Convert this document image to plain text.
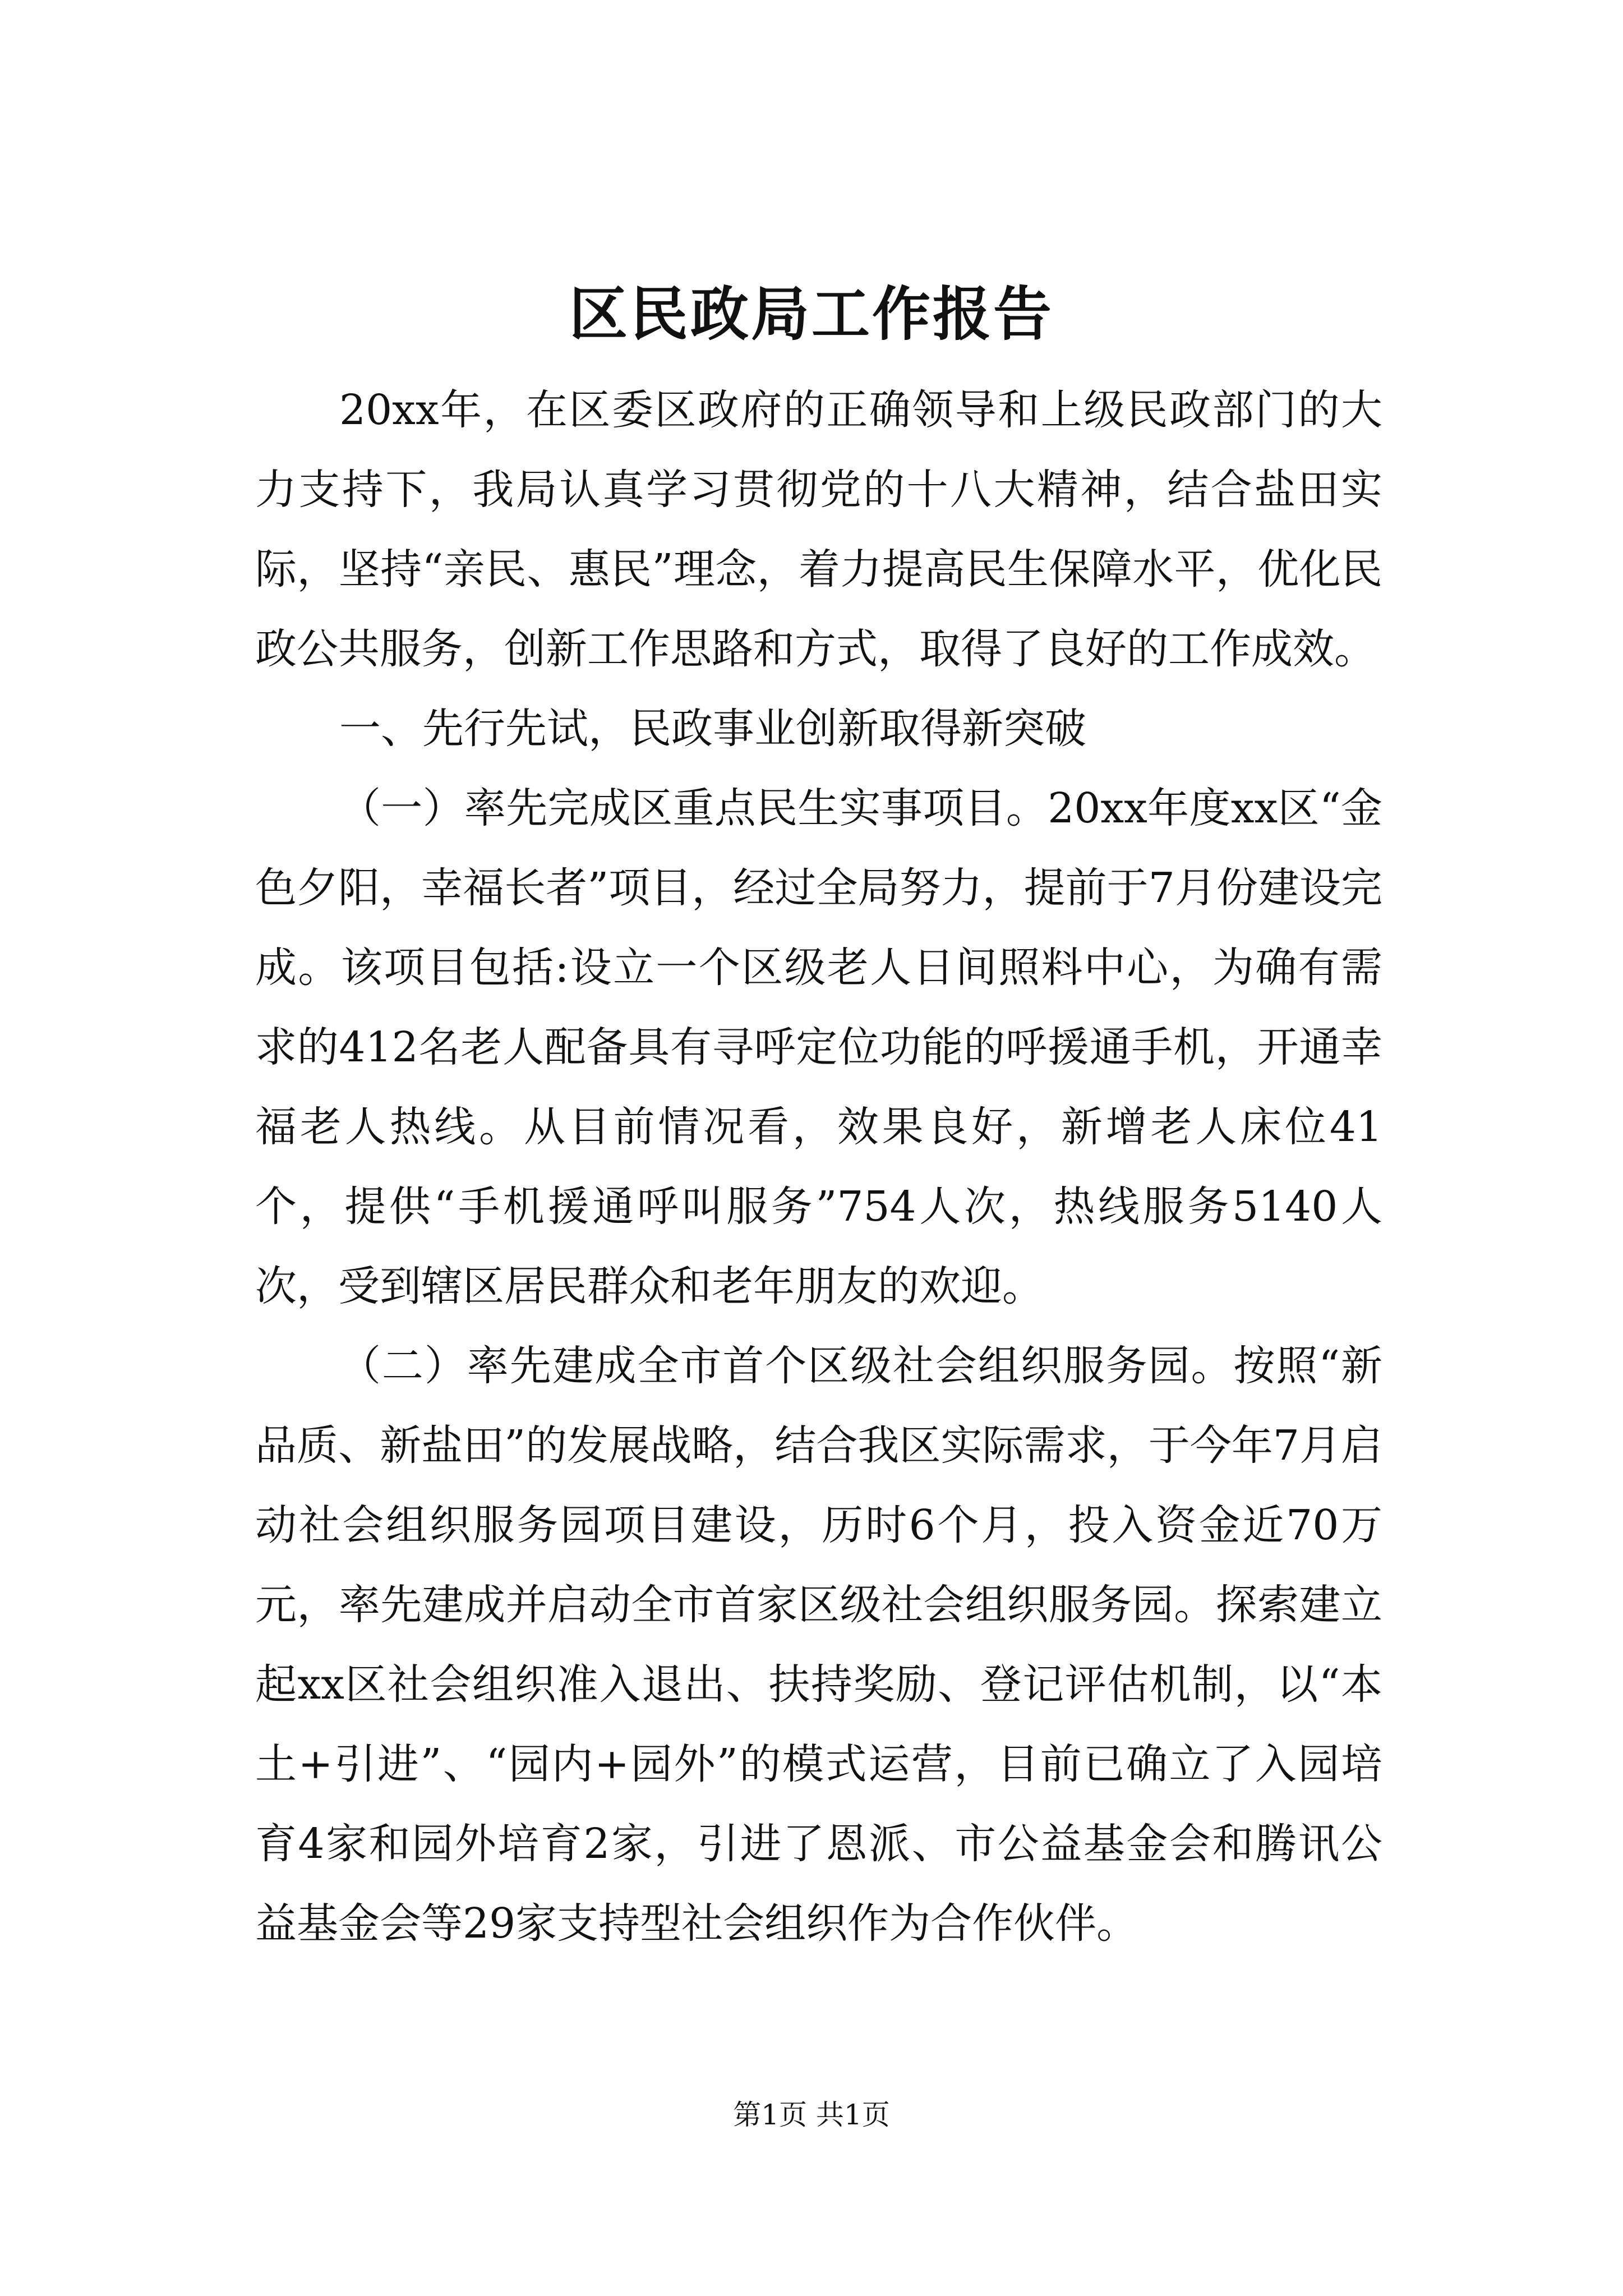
区民政局工作报告

20xx年，在区委区政府的正确领导和上级民政部门的大力支持下，我局认真学习贯彻党的十八大精神，结合盐田实际，坚持“亲民、惠民”理念，着力提高民生保障水平，优化民政公共服务，创新工作思路和方式，取得了良好的工作成效。

一、先行先试，民政事业创新取得新突破

（一）率先完成区重点民生实事项目。20xx年度xx区“金色夕阳，幸福长者”项目，经过全局努力，提前于7月份建设完成。该项目包括:设立一个区级老人日间照料中心，为确有需求的412名老人配备具有寻呼定位功能的呼援通手机，开通幸福老人热线。从目前情况看，效果良好，新增老人床位41个，提供“手机援通呼叫服务”754人次，热线服务5140人次，受到辖区居民群众和老年朋友的欢迎。

（二）率先建成全市首个区级社会组织服务园。按照“新品质、新盐田”的发展战略，结合我区实际需求，于今年7月启动社会组织服务园项目建设，历时6个月，投入资金近70万元，率先建成并启动全市首家区级社会组织服务园。探索建立起xx区社会组织准入退出、扶持奖励、登记评估机制，以“本土+引进”、“园内+园外”的模式运营，目前已确立了入园培育4家和园外培育2家，引进了恩派、市公益基金会和腾讯公益基金会等29家支持型社会组织作为合作伙伴。

第1页 共1页
